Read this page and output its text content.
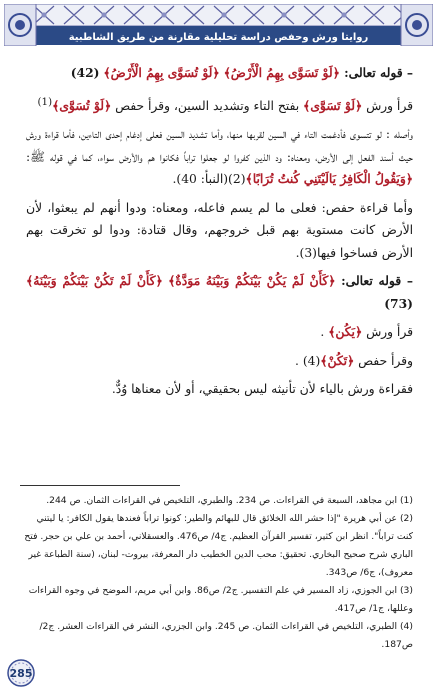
روايتا ورش وحفص دراسة تحليلية مقارنة من طريق الشاطبية

– قوله تعالى: ﴿لَوْ تَسَوَّى بِهِمُ الْأَرْضُ﴾ ﴿لَوْ تُسَوَّى بِهِمُ الْأَرْضُ﴾ (42)

قرأ ورش ﴿لَوْ تَسَوَّى﴾ بفتح التاء وتشديد السين، وقرأ حفص ﴿لَوْ تُسَوَّى﴾$^{(1)}$

وأصله : لو تتسوى فأدغمت التاء في السين لقربها منها، وأما تشديد السين فعلى إدغام إحدى التاءين، فأما قراءة ورش حيث أسند الفعل إلى الأرض، ومعناه: ود الذين كفروا لو جعلوا تراباً فكانوا هم والأرض سواء، كما في قوله ﷺ: ﴿وَيَقُولُ الْكَافِرُ يَالَيْتَنِي كُنتُ تُرَابًا﴾(2)(النبأ: 40).

وأما قراءة حفص: فعلى ما لم يسم فاعله، ومعناه: ودوا أنهم لم يبعثوا، لأن الأرض كانت مستوية بهم قبل خروجهم، وقال قتادة: ودوا لو تخرقت بهم الأرض فساخوا فيها(3).

– قوله تعالى: ﴿كَأَنْ لَمْ يَكُنْ بَيْنَكُمْ وَبَيْنَهُ مَوَدَّةٌ﴾ ﴿كَأَنْ لَمْ تَكُنْ بَيْنَكُمْ وَبَيْنَهُ﴾ (73)

قرأ ورش ﴿يَكُن﴾ .

وقرأ حفص ﴿تَكُنْ﴾(4) .

فقراءة ورش بالياء لأن تأنيثه ليس بحقيقي، أو لأن معناها وُدٌّ.

(1) ابن مجاهد، السبعة في القراءات. ص 234. والطبري، التلخيص في القراءات الثمان. ص 244.
(2) عن أبي هريرة "إذا حشر الله الخلائق قال للبهائم والطير: كونوا تراباً فعندها يقول الكافر: يا ليتني كنت تراباً". انظر ابن كثير، تفسير القرآن العظيم. ج4/ ص476. والعسقلاني، أحمد بن علي بن حجر. فتح الباري شرح صحيح البخاري. تحقيق: محب الدين الخطيب دار المعرفة، بيروت- لبنان، (سنة الطباعة غير معروف)، ج6/ ص343.
(3) ابن الجوزي، زاد المسير في علم التفسير. ج2/ ص86. وابن أبي مريم، الموضح في وجوه القراءات وعللها، ج1/ ص417.
(4) الطبري، التلخيص في القراءات الثمان. ص 245. وابن الجزري، النشر في القراءات العشر. ج2/ ص187.
285
